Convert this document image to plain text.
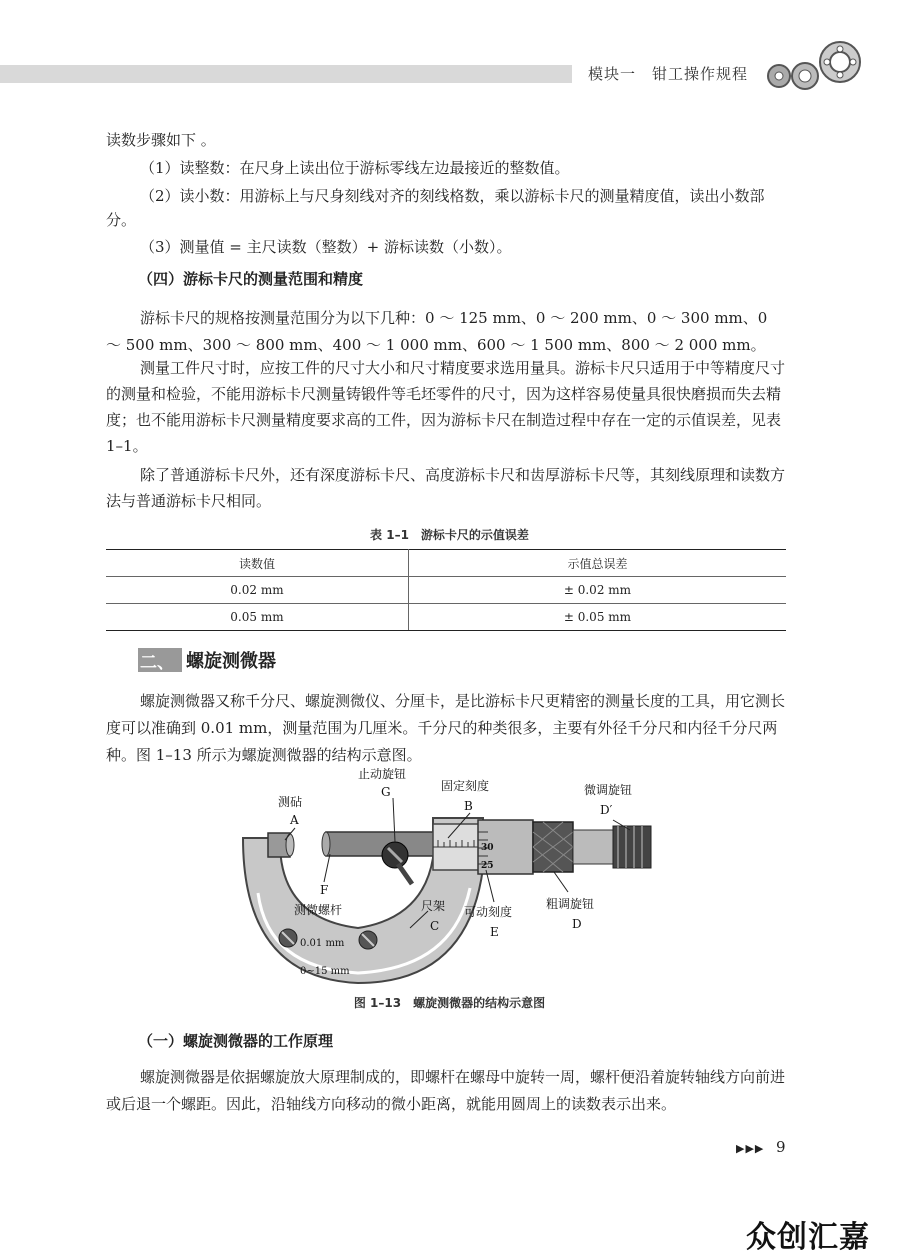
模块一　钳工操作规程
读数步骤如下 。
（1）读整数：在尺身上读出位于游标零线左边最接近的整数值。
（2）读小数：用游标上与尺身刻线对齐的刻线格数，乘以游标卡尺的测量精度值，读出小数部分。
（3）测量值 = 主尺读数（整数）+ 游标读数（小数）。
（四）游标卡尺的测量范围和精度
游标卡尺的规格按测量范围分为以下几种：0 ～ 125 mm、0 ～ 200 mm、0 ～ 300 mm、0 ～ 500 mm、300 ～ 800 mm、400 ～ 1 000 mm、600 ～ 1 500 mm、800 ～ 2 000 mm。
测量工件尺寸时，应按工件的尺寸大小和尺寸精度要求选用量具。游标卡尺只适用于中等精度尺寸的测量和检验，不能用游标卡尺测量铸锻件等毛坯零件的尺寸，因为这样容易使量具很快磨损而失去精度；也不能用游标卡尺测量精度要求高的工件，因为游标卡尺在制造过程中存在一定的示值误差，见表 1–1。
除了普通游标卡尺外，还有深度游标卡尺、高度游标卡尺和齿厚游标卡尺等，其刻线原理和读数方法与普通游标卡尺相同。
表 1–1　游标卡尺的示值误差
读数值	示值总误差
0.02 mm	± 0.02 mm
0.05 mm	± 0.05 mm
二、 螺旋测微器
螺旋测微器又称千分尺、螺旋测微仪、分厘卡，是比游标卡尺更精密的测量长度的工具，用它测长度可以准确到 0.01 mm，测量范围为几厘米。千分尺的种类很多，主要有外径千分尺和内径千分尺两种。图 1–13 所示为螺旋测微器的结构示意图。
30
25
0.01 mm
0~15 mm
测砧
A
止动旋钮
G	固定刻度
B
微调旋钮
D′
F
测微螺杆	尺架
C
可动刻度
E
粗调旋钮
D
图 1–13　螺旋测微器的结构示意图
（一）螺旋测微器的工作原理
螺旋测微器是依据螺旋放大原理制成的，即螺杆在螺母中旋转一周，螺杆便沿着旋转轴线方向前进或后退一个螺距。因此，沿轴线方向移动的微小距离，就能用圆周上的读数表示出来。
▶▶▶ 9
众创汇嘉
